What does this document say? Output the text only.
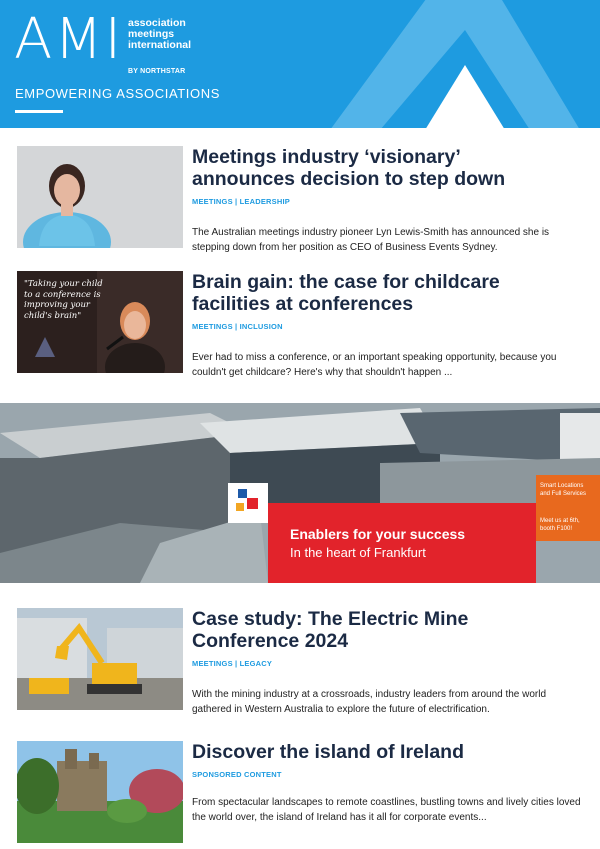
AMI association
meetings
international
BY NORTHSTAR
EMPOWERING ASSOCIATIONS
Meetings industry ‘visionary’
announces decision to step down
MEETINGS | LEADERSHIP
The Australian meetings industry pioneer Lyn Lewis-Smith has announced she is stepping down from her position as CEO of Business Events Sydney.
"Taking your child to a conference is improving your child's brain"
Brain gain: the case for childcare
facilities at conferences
MEETINGS | INCLUSION
Ever had to miss a conference, or an important speaking opportunity, because you couldn't get childcare? Here's why that shouldn't happen ...
Enablers for your success
In the heart of Frankfurt
Smart Locations
and Full Services
Meet us at 6th,
booth F100!
Case study: The Electric Mine
Conference 2024
MEETINGS | LEGACY
With the mining industry at a crossroads, industry leaders from around the world gathered in Western Australia to explore the future of electrification.
Discover the island of Ireland
SPONSORED CONTENT
From spectacular landscapes to remote coastlines, bustling towns and lively cities loved the world over, the island of Ireland has it all for corporate events...
